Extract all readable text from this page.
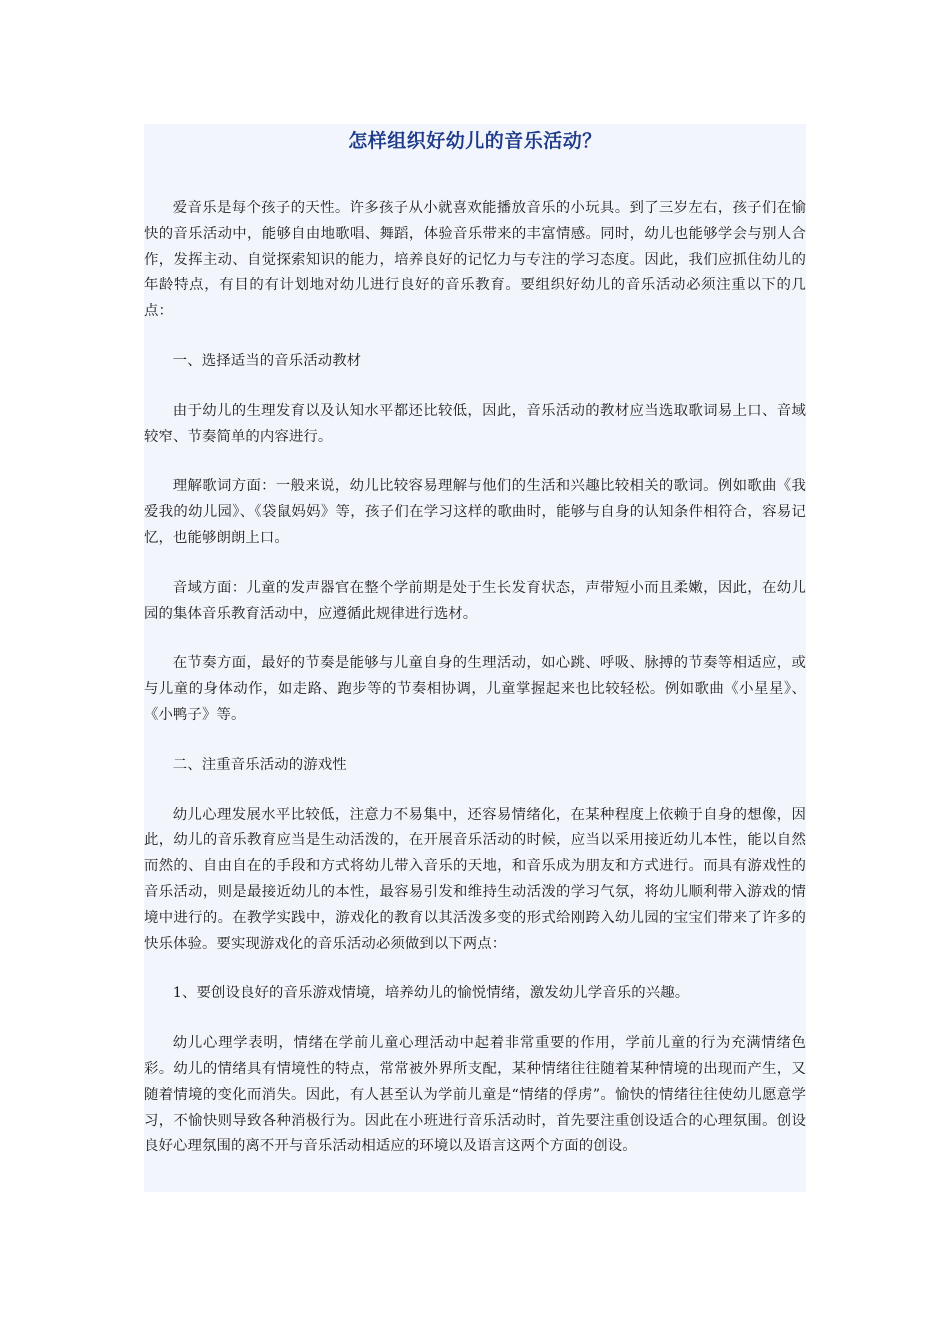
怎样组织好幼儿的音乐活动？

爱音乐是每个孩子的天性。许多孩子从小就喜欢能播放音乐的小玩具。到了三岁左右，孩子们在愉快的音乐活动中，能够自由地歌唱、舞蹈，体验音乐带来的丰富情感。同时，幼儿也能够学会与别人合作，发挥主动、自觉探索知识的能力，培养良好的记忆力与专注的学习态度。因此，我们应抓住幼儿的年龄特点，有目的有计划地对幼儿进行良好的音乐教育。要组织好幼儿的音乐活动必须注重以下的几点：

一、选择适当的音乐活动教材

由于幼儿的生理发育以及认知水平都还比较低，因此，音乐活动的教材应当选取歌词易上口、音域较窄、节奏简单的内容进行。

理解歌词方面：一般来说，幼儿比较容易理解与他们的生活和兴趣比较相关的歌词。例如歌曲《我爱我的幼儿园》、《袋鼠妈妈》等，孩子们在学习这样的歌曲时，能够与自身的认知条件相符合，容易记忆，也能够朗朗上口。

音域方面：儿童的发声器官在整个学前期是处于生长发育状态，声带短小而且柔嫩，因此，在幼儿园的集体音乐教育活动中，应遵循此规律进行选材。

在节奏方面，最好的节奏是能够与儿童自身的生理活动，如心跳、呼吸、脉搏的节奏等相适应，或与儿童的身体动作，如走路、跑步等的节奏相协调，儿童掌握起来也比较轻松。例如歌曲《小星星》、《小鸭子》等。

二、注重音乐活动的游戏性

幼儿心理发展水平比较低，注意力不易集中，还容易情绪化，在某种程度上依赖于自身的想像，因此，幼儿的音乐教育应当是生动活泼的，在开展音乐活动的时候，应当以采用接近幼儿本性，能以自然而然的、自由自在的手段和方式将幼儿带入音乐的天地，和音乐成为朋友和方式进行。而具有游戏性的音乐活动，则是最接近幼儿的本性，最容易引发和维持生动活泼的学习气氛，将幼儿顺利带入游戏的情境中进行的。在教学实践中，游戏化的教育以其活泼多变的形式给刚跨入幼儿园的宝宝们带来了许多的快乐体验。要实现游戏化的音乐活动必须做到以下两点：

1、要创设良好的音乐游戏情境，培养幼儿的愉悦情绪，激发幼儿学音乐的兴趣。

幼儿心理学表明，情绪在学前儿童心理活动中起着非常重要的作用，学前儿童的行为充满情绪色彩。幼儿的情绪具有情境性的特点，常常被外界所支配，某种情绪往往随着某种情境的出现而产生，又随着情境的变化而消失。因此，有人甚至认为学前儿童是“情绪的俘虏”。愉快的情绪往往使幼儿愿意学习，不愉快则导致各种消极行为。因此在小班进行音乐活动时，首先要注重创设适合的心理氛围。创设良好心理氛围的离不开与音乐活动相适应的环境以及语言这两个方面的创设。
